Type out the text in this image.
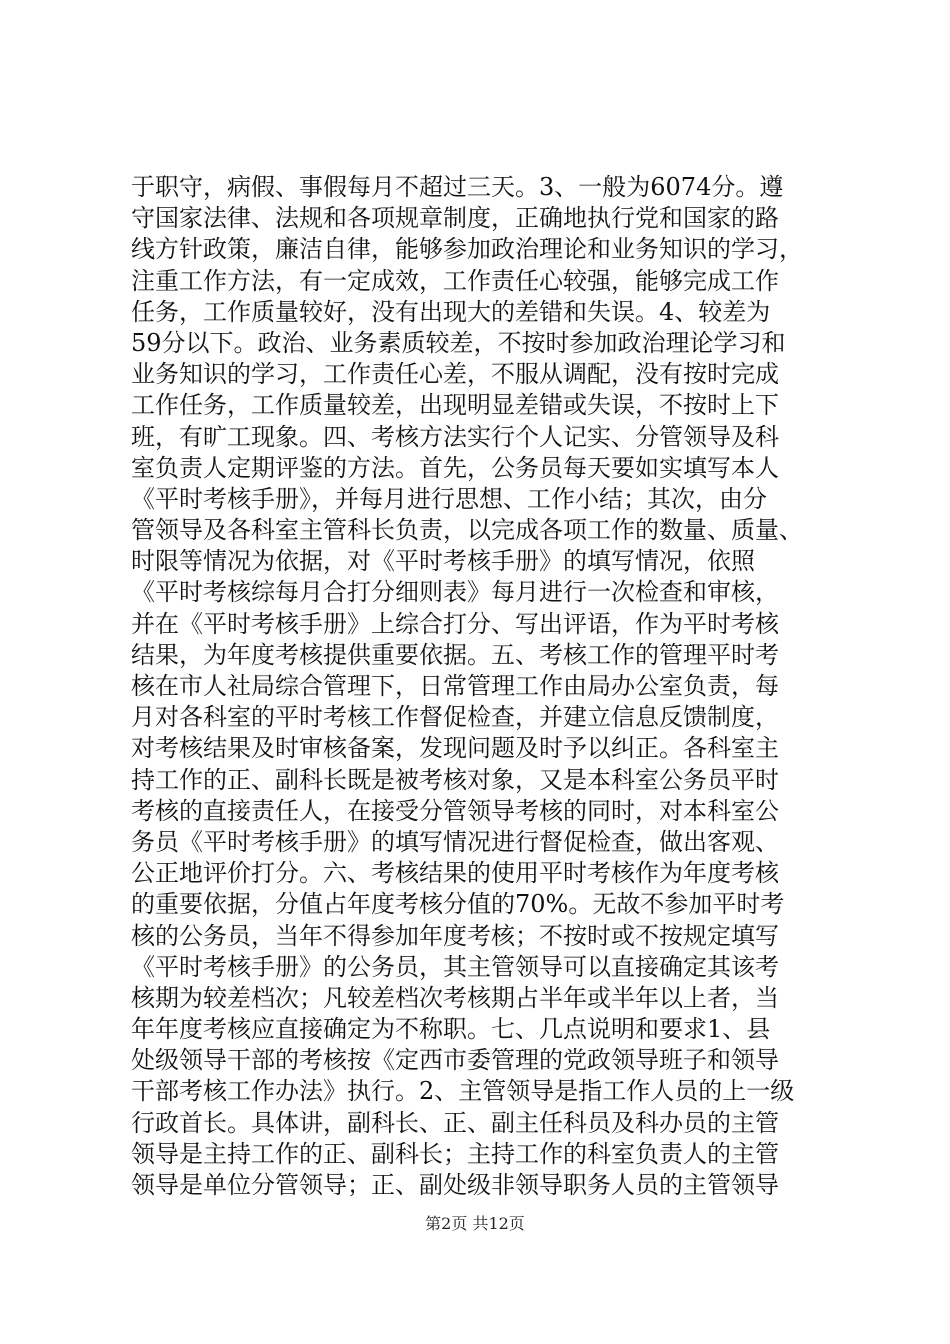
于职守，病假、事假每月不超过三天。3、一般为6074分。遵
守国家法律、法规和各项规章制度，正确地执行党和国家的路
线方针政策，廉洁自律，能够参加政治理论和业务知识的学习，
注重工作方法，有一定成效，工作责任心较强，能够完成工作
任务，工作质量较好，没有出现大的差错和失误。4、较差为
59分以下。政治、业务素质较差，不按时参加政治理论学习和
业务知识的学习，工作责任心差，不服从调配，没有按时完成
工作任务，工作质量较差，出现明显差错或失误，不按时上下
班，有旷工现象。四、考核方法实行个人记实、分管领导及科
室负责人定期评鉴的方法。首先，公务员每天要如实填写本人
《平时考核手册》，并每月进行思想、工作小结；其次，由分
管领导及各科室主管科长负责，以完成各项工作的数量、质量、
时限等情况为依据，对《平时考核手册》的填写情况，依照
《平时考核综每月合打分细则表》每月进行一次检查和审核，
并在《平时考核手册》上综合打分、写出评语，作为平时考核
结果，为年度考核提供重要依据。五、考核工作的管理平时考
核在市人社局综合管理下，日常管理工作由局办公室负责，每
月对各科室的平时考核工作督促检查，并建立信息反馈制度，
对考核结果及时审核备案，发现问题及时予以纠正。各科室主
持工作的正、副科长既是被考核对象，又是本科室公务员平时
考核的直接责任人，在接受分管领导考核的同时，对本科室公
务员《平时考核手册》的填写情况进行督促检查，做出客观、
公正地评价打分。六、考核结果的使用平时考核作为年度考核
的重要依据，分值占年度考核分值的70%。无故不参加平时考
核的公务员，当年不得参加年度考核；不按时或不按规定填写
《平时考核手册》的公务员，其主管领导可以直接确定其该考
核期为较差档次；凡较差档次考核期占半年或半年以上者，当
年年度考核应直接确定为不称职。七、几点说明和要求1、县
处级领导干部的考核按《定西市委管理的党政领导班子和领导
干部考核工作办法》执行。2、主管领导是指工作人员的上一级
行政首长。具体讲，副科长、正、副主任科员及科办员的主管
领导是主持工作的正、副科长；主持工作的科室负责人的主管
领导是单位分管领导；正、副处级非领导职务人员的主管领导
第2页 共12页
